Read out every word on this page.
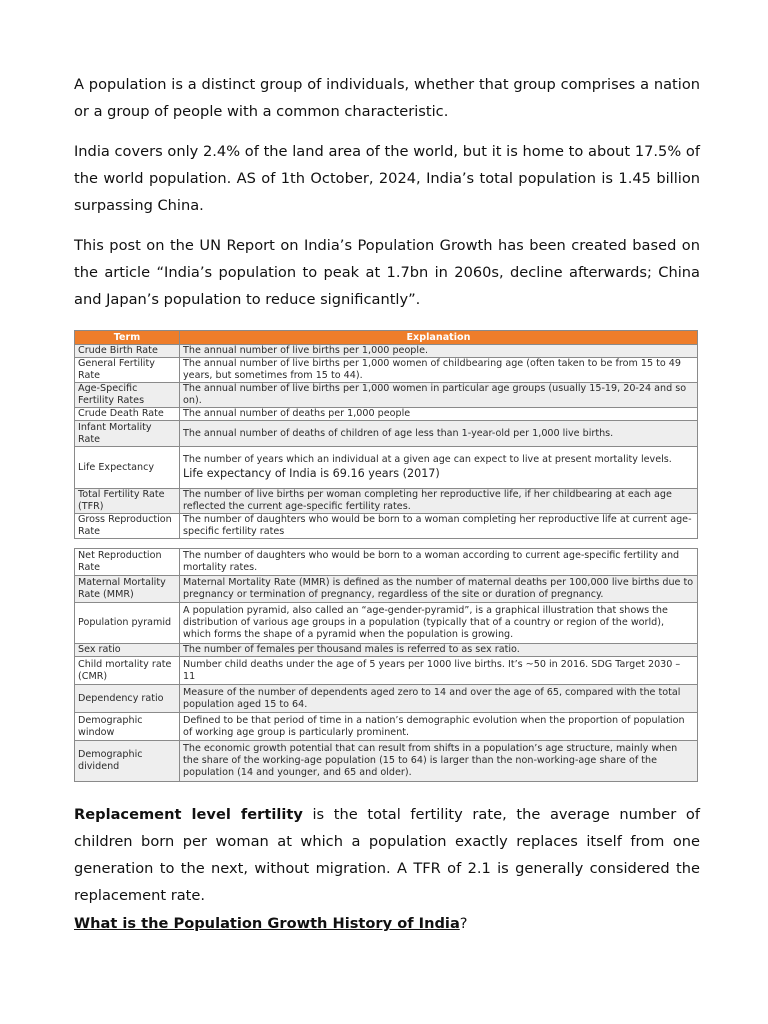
A population is a distinct group of individuals, whether that group comprises a nation or a group of people with a common characteristic.

India covers only 2.4% of the land area of the world, but it is home to about 17.5% of the world population. AS of 1th October, 2024, India’s total population is 1.45 billion surpassing China.

This post on the UN Report on India’s Population Growth has been created based on the article “India’s population to peak at 1.7bn in 2060s, decline afterwards; China and Japan’s population to reduce significantly”.

Term	Explanation
Crude Birth Rate	The annual number of live births per 1,000 people.
General Fertility Rate	The annual number of live births per 1,000 women of childbearing age (often taken to be from 15 to 49 years, but sometimes from 15 to 44).
Age-Specific Fertility Rates	The annual number of live births per 1,000 women in particular age groups (usually 15-19, 20-24 and so on).
Crude Death Rate	The annual number of deaths per 1,000 people
Infant Mortality Rate	The annual number of deaths of children of age less than 1-year-old per 1,000 live births.
Life Expectancy	The number of years which an individual at a given age can expect to live at present mortality levels.
Life expectancy of India is 69.16 years (2017)

Total Fertility Rate (TFR)	The number of live births per woman completing her reproductive life, if her childbearing at each age reflected the current age-specific fertility rates.
Gross Reproduction Rate	The number of daughters who would be born to a woman completing her reproductive life at current age-specific fertility rates
Net Reproduction Rate	The number of daughters who would be born to a woman according to current age-specific fertility and mortality rates.
Maternal Mortality Rate (MMR)	Maternal Mortality Rate (MMR) is defined as the number of maternal deaths per 100,000 live births due to pregnancy or termination of pregnancy, regardless of the site or duration of pregnancy.
Population pyramid	A population pyramid, also called an “age-gender-pyramid”, is a graphical illustration that shows the distribution of various age groups in a population (typically that of a country or region of the world), which forms the shape of a pyramid when the population is growing.
Sex ratio	The number of females per thousand males is referred to as sex ratio.
Child mortality rate (CMR)	Number child deaths under the age of 5 years per 1000 live births. It’s ~50 in 2016. SDG Target 2030 – 11
Dependency ratio	Measure of the number of dependents aged zero to 14 and over the age of 65, compared with the total population aged 15 to 64.
Demographic window	Defined to be that period of time in a nation’s demographic evolution when the proportion of population of working age group is particularly prominent.
Demographic dividend	The economic growth potential that can result from shifts in a population’s age structure, mainly when the share of the working-age population (15 to 64) is larger than the non-working-age share of the population (14 and younger, and 65 and older).

Replacement level fertility is the total fertility rate, the average number of children born per woman at which a population exactly replaces itself from one generation to the next, without migration. A TFR of 2.1 is generally considered the replacement rate.

What is the Population Growth History of India?
